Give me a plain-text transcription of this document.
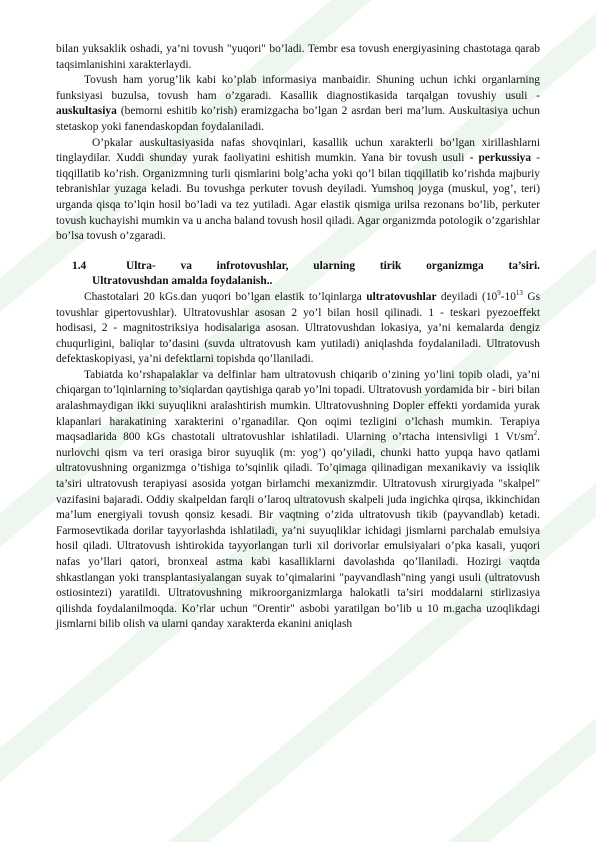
bilan yuksaklik oshadi, ya’ni tovush "yuqori" bo’ladi. Tembr esa tovush energiyasining chastotaga qarab taqsimlanishini xarakterlaydi.

Tovush ham yorug’lik kabi ko’plab informasiya manbaidir. Shuning uchun ichki organlarning funksiyasi buzulsa, tovush ham o’zgaradi. Kasallik diagnostikasida tarqalgan tovushiy usuli - auskultasiya (bemorni eshitib ko’rish) eramizgacha bo’lgan 2 asrdan beri ma’lum. Auskultasiya uchun stetaskop yoki fanendaskopdan foydalaniladi.

O’pkalar auskultasiyasida nafas shovqinlari, kasallik uchun xarakterli bo’lgan xirillashlarni tinglaydilar. Xuddi shunday yurak faoliyatini eshitish mumkin. Yana bir tovush usuli - perkussiya - tiqqillatib ko’rish. Organizmning turli qismlarini bolg’acha yoki qo’l bilan tiqqillatib ko’rishda majburiy tebranishlar yuzaga keladi. Bu tovushga perkuter tovush deyiladi. Yumshoq joyga (muskul, yog’, teri) urganda qisqa to’lqin hosil bo’ladi va tez yutiladi. Agar elastik qismiga urilsa rezonans bo’lib, perkuter tovush kuchayishi mumkin va u ancha baland tovush hosil qiladi. Agar organizmda potologik o’zgarishlar bo’lsa tovush o’zgaradi.

1.4	Ultra- va infrotovushlar, ularning tirik organizmga ta’siri.
Ultratovushdan amalda foydalanish..

Chastotalari 20 kGs.dan yuqori bo’lgan elastik to’lqinlarga ultratovushlar deyiladi ($10^9-10^{13}$ Gs tovushlar gipertovushlar). Ultratovushlar asosan 2 yo’l bilan hosil qilinadi. 1 - teskari pyezoeffekt hodisasi, 2 - magnitostriksiya hodisalariga asosan. Ultratovushdan lokasiya, ya’ni kemalarda dengiz chuqurligini, baliqlar to’dasini (suvda ultratovush kam yutiladi) aniqlashda foydalaniladi. Ultratovush defektaskopiyasi, ya’ni defektlarni topishda qo’llaniladi.

Tabiatda ko’rshapalaklar va delfinlar ham ultratovush chiqarib o’zining yo’lini topib oladi, ya’ni chiqargan to’lqinlarning to’siqlardan qaytishiga qarab yo’lni topadi. Ultratovush yordamida bir - biri bilan aralashmaydigan ikki suyuqlikni aralashtirish mumkin. Ultratovushning Dopler effekti yordamida yurak klapanlari harakatining xarakterini o’rganadilar. Qon oqimi tezligini o’lchash mumkin. Terapiya maqsadlarida 800 kGs chastotali ultratovushlar ishlatiladi. Ularning o’rtacha intensivligi 1 $Vt/sm^2$. nurlovchi qism va teri orasiga biror suyuqlik (m: yog’) qo’yiladi, chunki hatto yupqa havo qatlami ultratovushning organizmga o’tishiga to’sqinlik qiladi. To’qimaga qilinadigan mexanikaviy va issiqlik ta’siri ultratovush terapiyasi asosida yotgan birlamchi mexanizmdir. Ultratovush xirurgiyada "skalpel" vazifasini bajaradi. Oddiy skalpeldan farqli o’laroq ultratovush skalpeli juda ingichka qirqsa, ikkinchidan ma’lum energiyali tovush qonsiz kesadi. Bir vaqtning o’zida ultratovush tikib (payvandlab) ketadi. Farmosevtikada dorilar tayyorlashda ishlatiladi, ya’ni suyuqliklar ichidagi jismlarni parchalab emulsiya hosil qiladi. Ultratovush ishtirokida tayyorlangan turli xil dorivorlar emulsiyalari o’pka kasali, yuqori nafas yo’llari qatori, bronxeal astma kabi kasalliklarni davolashda qo’llaniladi. Hozirgi vaqtda shkastlangan yoki transplantasiyalangan suyak to’qimalarini "payvandlash"ning yangi usuli (ultratovush ostiosintezi) yaratildi. Ultratovushning mikroorganizmlarga halokatli ta’siri moddalarni stirlizasiya qilishda foydalanilmoqda. Ko’rlar uchun "Orentir" asbobi yaratilgan bo’lib u 10 m.gacha uzoqlikdagi jismlarni bilib olish va ularni qanday xarakterda ekanini aniqlash
